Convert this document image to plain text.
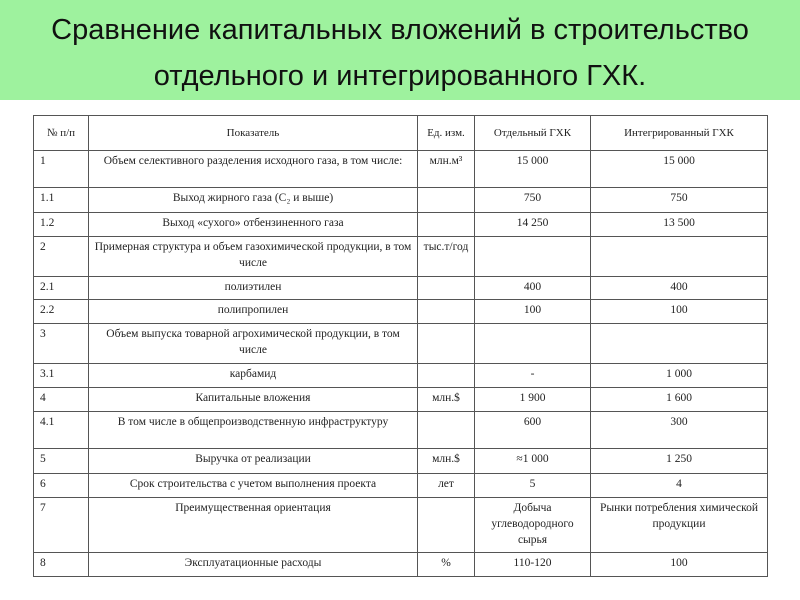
Сравнение капитальных вложений в строительство
отдельного и интегрированного ГХК.
№ п/п	Показатель	Ед. изм.	Отдельный ГХК	Интегрированный ГХК
1	Объем селективного разделения исходного газа, в том числе:	млн.м³	15 000	15 000
1.1	Выход жирного газа (С₂ и выше)		750	750
1.2	Выход «сухого» отбензиненного газа		14 250	13 500
2	Примерная структура и объем газохимической продукции, в том числе	тыс.т/год		
2.1	полиэтилен		400	400
2.2	полипропилен		100	100
3	Объем выпуска товарной агрохимической продукции, в том числе			
3.1	карбамид		-	1 000
4	Капитальные вложения	млн.$	1 900	1 600
4.1	В том числе в общепроизводственную инфраструктуру		600	300
5	Выручка от реализации	млн.$	≈1 000	1 250
6	Срок строительства с учетом выполнения проекта	лет	5	4
7	Преимущественная ориентация		Добыча углеводородного сырья	Рынки потребления химической продукции
8	Эксплуатационные расходы	%	110-120	100
